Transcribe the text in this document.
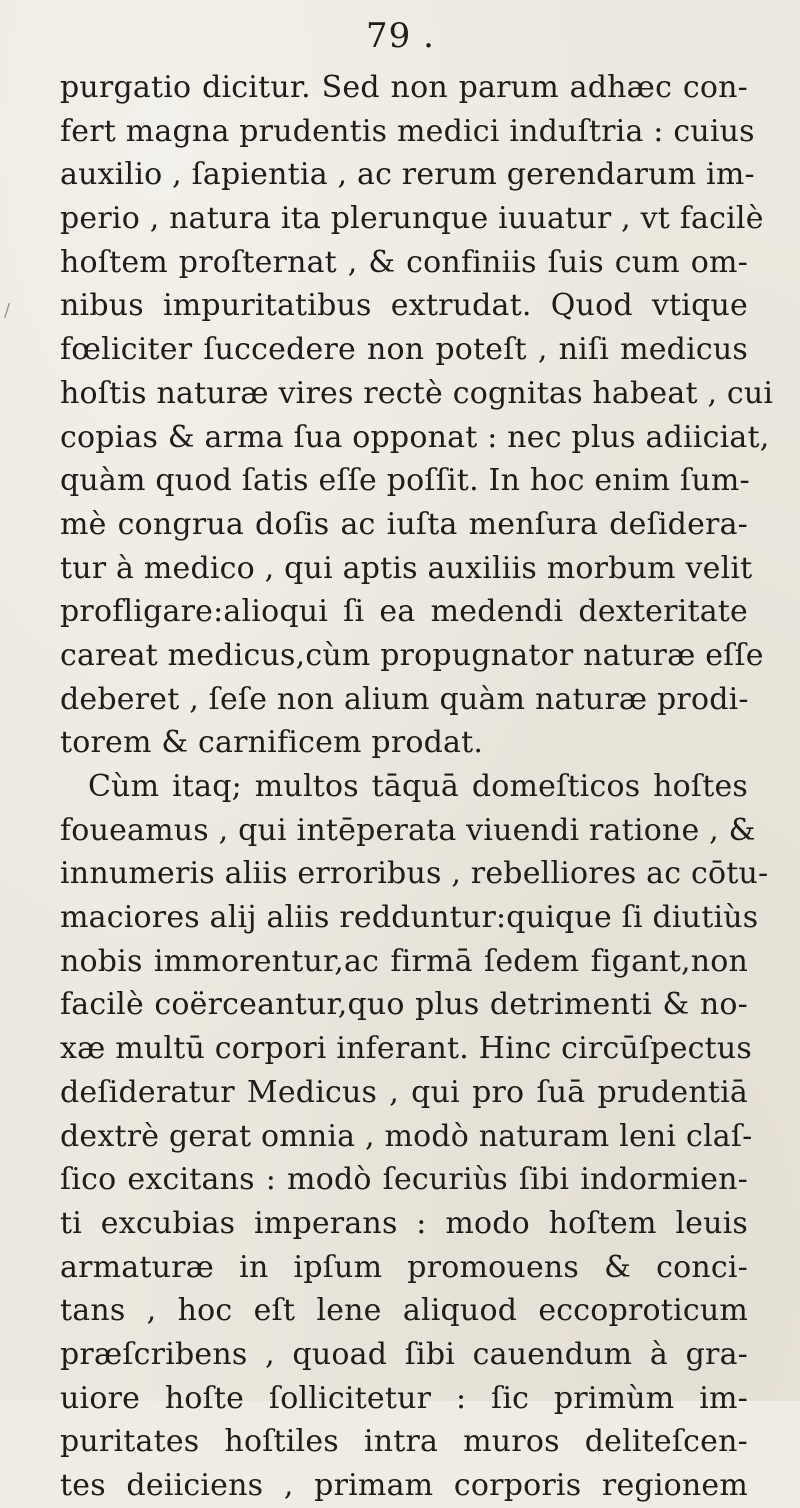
79 .
/
purgatio dicitur. Sed non parum adhæc con-
fert magna prudentis medici induſtria : cuius
auxilio , ſapientia , ac rerum gerendarum im-
perio , natura ita plerunque iuuatur , vt facilè
hoſtem proſternat , & confiniis ſuis cum om-
nibus impuritatibus extrudat. Quod vtique
fœliciter ſuccedere non poteſt , niſi medicus
hoſtis naturæ vires rectè cognitas habeat , cui
copias & arma ſua opponat : nec plus adiiciat,
quàm quod ſatis eſſe poſſit. In hoc enim ſum-
mè congrua doſis ac iuſta menſura deſidera-
tur à medico , qui aptis auxiliis morbum velit
profligare:alioqui ſi ea medendi dexteritate
careat medicus,cùm propugnator naturæ eſſe
deberet , ſeſe non alium quàm naturæ prodi-
torem & carnificem prodat.
Cùm itaq; multos tāquā domeſticos hoſtes
foueamus , qui intēperata viuendi ratione , &
innumeris aliis erroribus , rebelliores ac cōtu-
maciores alij aliis redduntur:quique ſi diutiùs
nobis immorentur,ac firmā ſedem figant,non
facilè coërceantur,quo plus detrimenti & no-
xæ multū corpori inferant. Hinc circūſpectus
deſideratur Medicus , qui pro ſuā prudentiā
dextrè gerat omnia , modò naturam leni claſ-
ſico excitans : modò ſecuriùs ſibi indormien-
ti excubias imperans : modo hoſtem leuis
armaturæ in ipſum promouens & conci-
tans , hoc eſt lene aliquod eccoproticum
præſcribens , quoad ſibi cauendum à gra-
uiore hoſte ſollicitetur : ſic primùm im-
puritates hoſtiles intra muros deliteſcen-
tes deiiciens , primam corporis regionem
